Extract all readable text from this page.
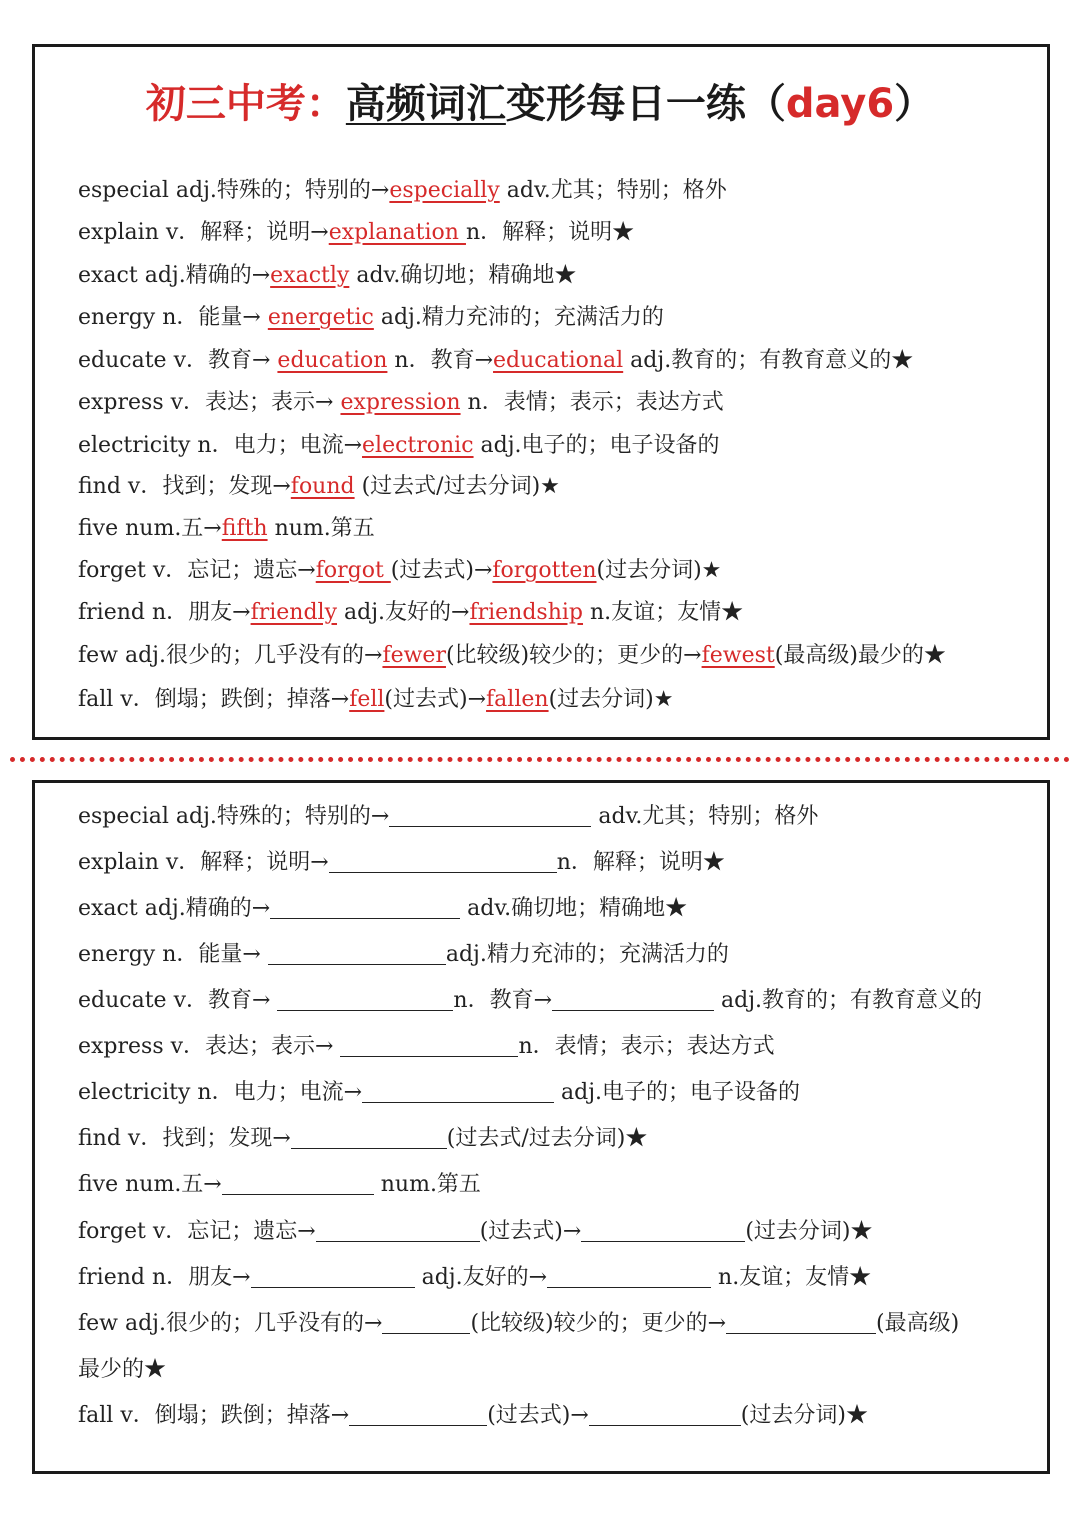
初三中考：高频词汇变形每日一练（day6）
especial adj.特殊的；特别的→especially adv.尤其；特别；格外
explain v．解释；说明→explanation n．解释；说明★
exact adj.精确的→exactly adv.确切地；精确地★
energy n．能量→ energetic adj.精力充沛的；充满活力的
educate v．教育→ education n．教育→educational adj.教育的；有教育意义的★
express v．表达；表示→ expression n．表情；表示；表达方式
electricity n．电力；电流→electronic adj.电子的；电子设备的
find v．找到；发现→found (过去式/过去分词)★
five num.五→fifth num.第五
forget v．忘记；遗忘→forgot (过去式)→forgotten(过去分词)★
friend n．朋友→friendly adj.友好的→friendship n.友谊；友情★
few adj.很少的；几乎没有的→fewer(比较级)较少的；更少的→fewest(最高级)最少的★
fall v．倒塌；跌倒；掉落→fell(过去式)→fallen(过去分词)★
especial adj.特殊的；特别的→	adv.尤其；特别；格外
explain v．解释；说明→	n．解释；说明★
exact adj.精确的→	adv.确切地；精确地★
energy n．能量→	adj.精力充沛的；充满活力的
educate v．教育→	n．教育→	adj.教育的；有教育意义的
express v．表达；表示→	n．表情；表示；表达方式
electricity n．电力；电流→	adj.电子的；电子设备的
find v．找到；发现→	(过去式/过去分词)★
five num.五→	num.第五
forget v．忘记；遗忘→	(过去式)→	(过去分词)★
friend n．朋友→	adj.友好的→	n.友谊；友情★
few adj.很少的；几乎没有的→	(比较级)较少的；更少的→	(最高级)
最少的★
fall v．倒塌；跌倒；掉落→	(过去式)→	(过去分词)★
